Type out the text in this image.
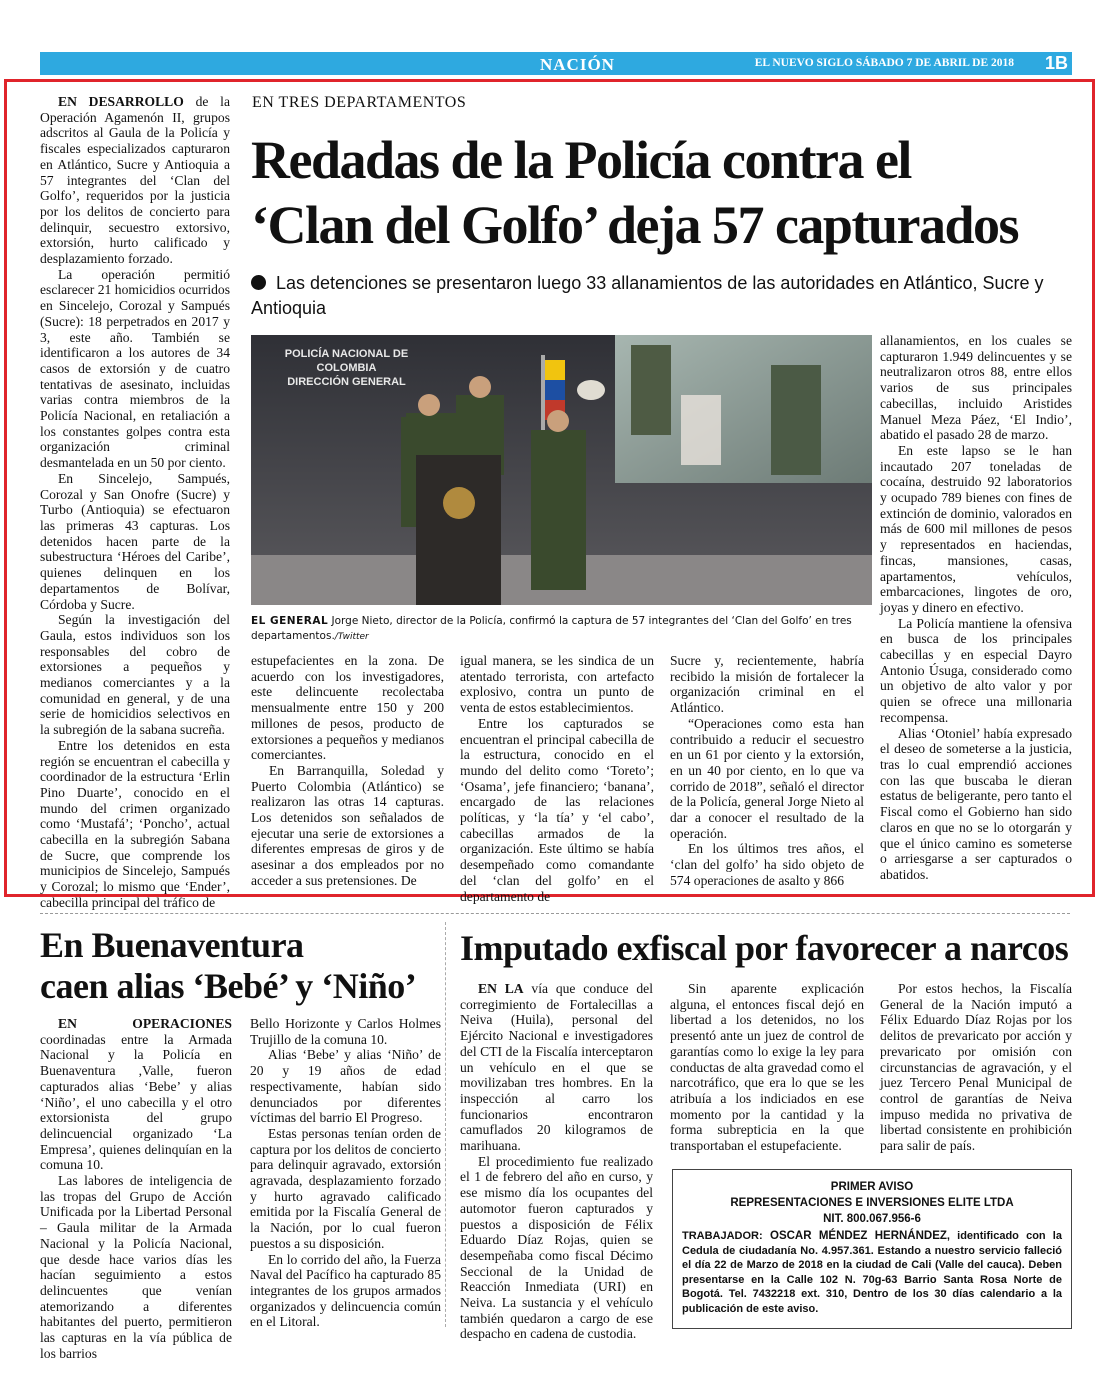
NACIÓN	EL NUEVO SIGLO SÁBADO 7 DE ABRIL DE 2018 1B

EN DESARROLLO de la Operación Agamenón II, grupos adscritos al Gaula de la Policía y fiscales especializados capturaron en Atlántico, Sucre y Antioquia a 57 integrantes del ‘Clan del Golfo’, requeridos por la justicia por los delitos de concierto para delinquir, secuestro extorsivo, extorsión, hurto calificado y desplazamiento forzado.

La operación permitió esclarecer 21 homicidios ocurridos en Sincelejo, Corozal y Sampués (Sucre): 18 perpetrados en 2017 y 3, este año. También se identificaron a los autores de 34 casos de extorsión y de cuatro tentativas de asesinato, incluidas varias contra miembros de la Policía Nacional, en retaliación a los constantes golpes contra esta organización criminal desmantelada en un 50 por ciento.

En Sincelejo, Sampués, Corozal y San Onofre (Sucre) y Turbo (Antioquia) se efectuaron las primeras 43 capturas. Los detenidos hacen parte de la subestructura ‘Héroes del Caribe’, quienes delinquen en los departamentos de Bolívar, Córdoba y Sucre.

Según la investigación del Gaula, estos individuos son los responsables del cobro de extorsiones a pequeños y medianos comerciantes y a la comunidad en general, y de una serie de homicidios selectivos en la subregión de la sabana sucreña.

Entre los detenidos en esta región se encuentran el cabecilla y coordinador de la estructura ‘Erlin Pino Duarte’, conocido en el mundo del crimen organizado como ‘Mustafá’; ‘Poncho’, actual cabecilla en la subregión Sabana de Sucre, que comprende los municipios de Sincelejo, Sampués y Corozal; lo mismo que ‘Ender’, cabecilla principal del tráfico de

EN TRES DEPARTAMENTOS
Redadas de la Policía contra el
‘Clan del Golfo’ deja 57 capturados
Las detenciones se presentaron luego 33 allanamientos de las autoridades en Atlántico, Sucre y Antioquia
POLICÍA NACIONAL DE COLOMBIA
DIRECCIÓN GENERAL
EL GENERAL Jorge Nieto, director de la Policía, confirmó la captura de 57 integrantes del ‘Clan del Golfo’ en tres departamentos./Twitter

estupefacientes en la zona. De acuerdo con los investigadores, este delincuente recolectaba mensualmente entre 150 y 200 millones de pesos, producto de extorsiones a pequeños y medianos comerciantes.

En Barranquilla, Soledad y Puerto Colombia (Atlántico) se realizaron las otras 14 capturas. Los detenidos son señalados de ejecutar una serie de extorsiones a diferentes empresas de giros y de asesinar a dos empleados por no acceder a sus pretensiones. De

igual manera, se les sindica de un atentado terrorista, con artefacto explosivo, contra un punto de venta de estos establecimientos.

Entre los capturados se encuentran el principal cabecilla de la estructura, conocido en el mundo del delito como ‘Toreto’; ‘Osama’, jefe financiero; ‘banana’, encargado de las relaciones políticas, y ‘la tía’ y ‘el cabo’, cabecillas armados de la organización. Este último se había desempeñado como comandante del ‘clan del golfo’ en el departamento de

Sucre y, recientemente, habría recibido la misión de fortalecer la organización criminal en el Atlántico.

“Operaciones como esta han contribuido a reducir el secuestro en un 61 por ciento y la extorsión, en un 40 por ciento, en lo que va corrido de 2018”, señaló el director de la Policía, general Jorge Nieto al dar a conocer el resultado de la operación.

En los últimos tres años, el ‘clan del golfo’ ha sido objeto de 574 operaciones de asalto y 866

allanamientos, en los cuales se capturaron 1.949 delincuentes y se neutralizaron otros 88, entre ellos varios de sus principales cabecillas, incluido Aristides Manuel Meza Páez, ‘El Indio’, abatido el pasado 28 de marzo.

En este lapso se le han incautado 207 toneladas de cocaína, destruido 92 laboratorios y ocupado 789 bienes con fines de extinción de dominio, valorados en más de 600 mil millones de pesos y representados en haciendas, fincas, mansiones, casas, apartamentos, vehículos, embarcaciones, lingotes de oro, joyas y dinero en efectivo.

La Policía mantiene la ofensiva en busca de los principales cabecillas y en especial Dayro Antonio Úsuga, considerado como un objetivo de alto valor y por quien se ofrece una millonaria recompensa.

Alias ‘Otoniel’ había expresado el deseo de someterse a la justicia, tras lo cual emprendió acciones con las que buscaba le dieran estatus de beligerante, pero tanto el Fiscal como el Gobierno han sido claros en que no se lo otorgarán y que el único camino es someterse o arriesgarse a ser capturados o abatidos.

En Buenaventura
caen alias ‘Bebé’ y ‘Niño’

EN OPERACIONES coordinadas entre la Armada Nacional y la Policía en Buenaventura ,Valle, fueron capturados alias ‘Bebe’ y alias ‘Niño’, el uno cabecilla y el otro extorsionista del grupo delincuencial organizado ‘La Empresa’, quienes delinquían en la comuna 10.

Las labores de inteligencia de las tropas del Grupo de Acción Unificada por la Libertad Personal – Gaula militar de la Armada Nacional y la Policía Nacional, que desde hace varios días les hacían seguimiento a estos delincuentes que venían atemorizando a diferentes habitantes del puerto, permitieron las capturas en la vía pública de los barrios

Bello Horizonte y Carlos Holmes Trujillo de la comuna 10.

Alias ‘Bebe’ y alias ‘Niño’ de 20 y 19 años de edad respectivamente, habían sido denunciados por diferentes víctimas del barrio El Progreso.

Estas personas tenían orden de captura por los delitos de concierto para delinquir agravado, extorsión agravada, desplazamiento forzado y hurto agravado calificado emitida por la Fiscalía General de la Nación, por lo cual fueron puestos a su disposición.

En lo corrido del año, la Fuerza Naval del Pacífico ha capturado 85 integrantes de los grupos armados organizados y delincuencia común en el Litoral.

Imputado exfiscal por favorecer a narcos

EN LA vía que conduce del corregimiento de Fortalecillas a Neiva (Huila), personal del Ejército Nacional e investigadores del CTI de la Fiscalía interceptaron un vehículo en el que se movilizaban tres hombres. En la inspección al carro los funcionarios encontraron camuflados 20 kilogramos de marihuana.

El procedimiento fue realizado el 1 de febrero del año en curso, y ese mismo día los ocupantes del automotor fueron capturados y puestos a disposición de Félix Eduardo Díaz Rojas, quien se desempeñaba como fiscal Décimo Seccional de la Unidad de Reacción Inmediata (URI) en Neiva. La sustancia y el vehículo también quedaron a cargo de ese despacho en cadena de custodia.

Sin aparente explicación alguna, el entonces fiscal dejó en libertad a los detenidos, no los presentó ante un juez de control de garantías como lo exige la ley para conductas de alta gravedad como el narcotráfico, que era lo que se les atribuía a los indiciados en ese momento por la cantidad y la forma subrepticia en la que transportaban el estupefaciente.

Por estos hechos, la Fiscalía General de la Nación imputó a Félix Eduardo Díaz Rojas por los delitos de prevaricato por acción y prevaricato por omisión con circunstancias de agravación, y el juez Tercero Penal Municipal de control de garantías de Neiva impuso medida no privativa de libertad consistente en prohibición para salir de país.

PRIMER AVISO
REPRESENTACIONES E INVERSIONES ELITE LTDA
NIT. 800.067.956-6
TRABAJADOR: OSCAR MÉNDEZ HERNÁNDEZ, identificado con la Cedula de ciudadanía No. 4.957.361. Estando a nuestro servicio falleció el día 22 de Marzo de 2018 en la ciudad de Cali (Valle del cauca). Deben presentarse en la Calle 102 N. 70g-63 Barrio Santa Rosa Norte de Bogotá. Tel. 7432218 ext. 310, Dentro de los 30 días calendario a la publicación de este aviso.
